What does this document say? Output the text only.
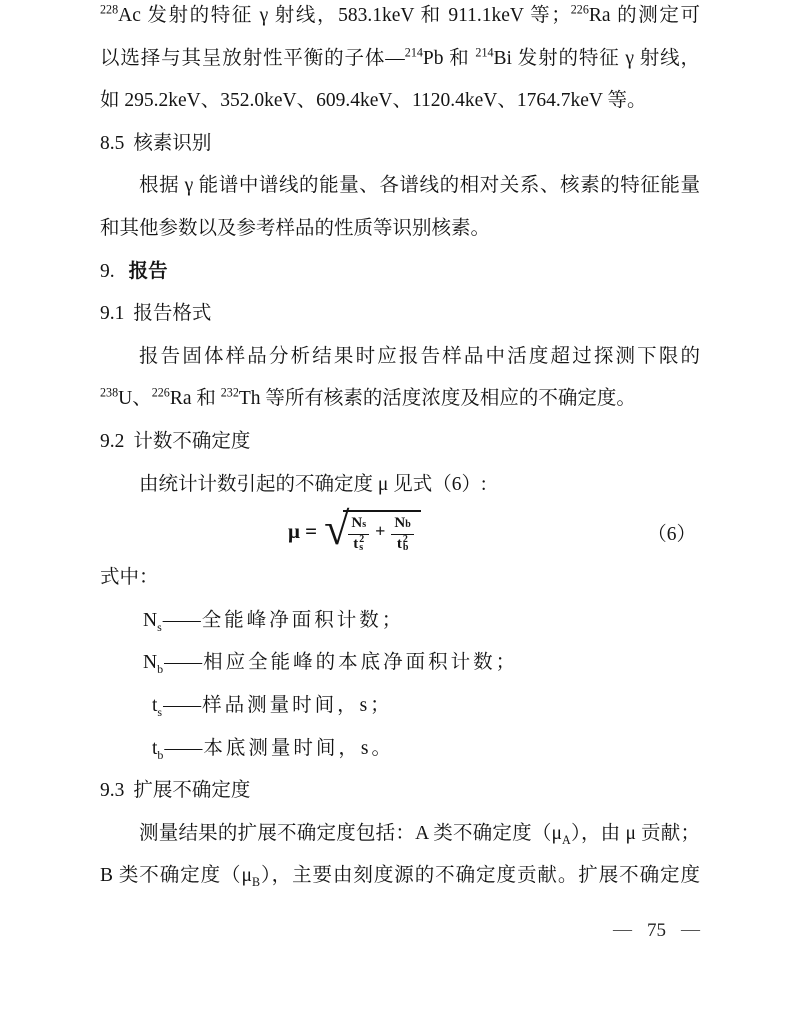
$^{228}$Ac 发射的特征 γ 射线，583.1keV 和 911.1keV 等；$^{226}$Ra 的测定可
以选择与其呈放射性平衡的子体—$^{214}$Pb 和 $^{214}$Bi 发射的特征 γ 射线，
如 295.2keV、352.0keV、609.4keV、1120.4keV、1764.7keV 等。
8.5 核素识别
根据 γ 能谱中谱线的能量、各谱线的相对关系、核素的特征能量
和其他参数以及参考样品的性质等识别核素。
9. 报告
9.1 报告格式
报告固体样品分析结果时应报告样品中活度超过探测下限的
$^{238}$U、$^{226}$Ra 和 $^{232}$Th 等所有核素的活度浓度及相应的不确定度。
9.2 计数不确定度
由统计计数引起的不确定度 μ 见式（6）:
μ = √ N s
t 2
s + N b
t 2
b	（6）
式中：
$N_s——$ 全能峰净面积计数；
$N_b——$ 相应全能峰的本底净面积计数；
$t_s——$ 样品测量时间，s；
$t_b——$ 本底测量时间，s。
9.3 扩展不确定度
测量结果的扩展不确定度包括：A 类不确定度$(\mu_A)$，由 μ 贡献；
B 类不确定度$(\mu_B)$，主要由刻度源的不确定度贡献。扩展不确定度
— 75 —
